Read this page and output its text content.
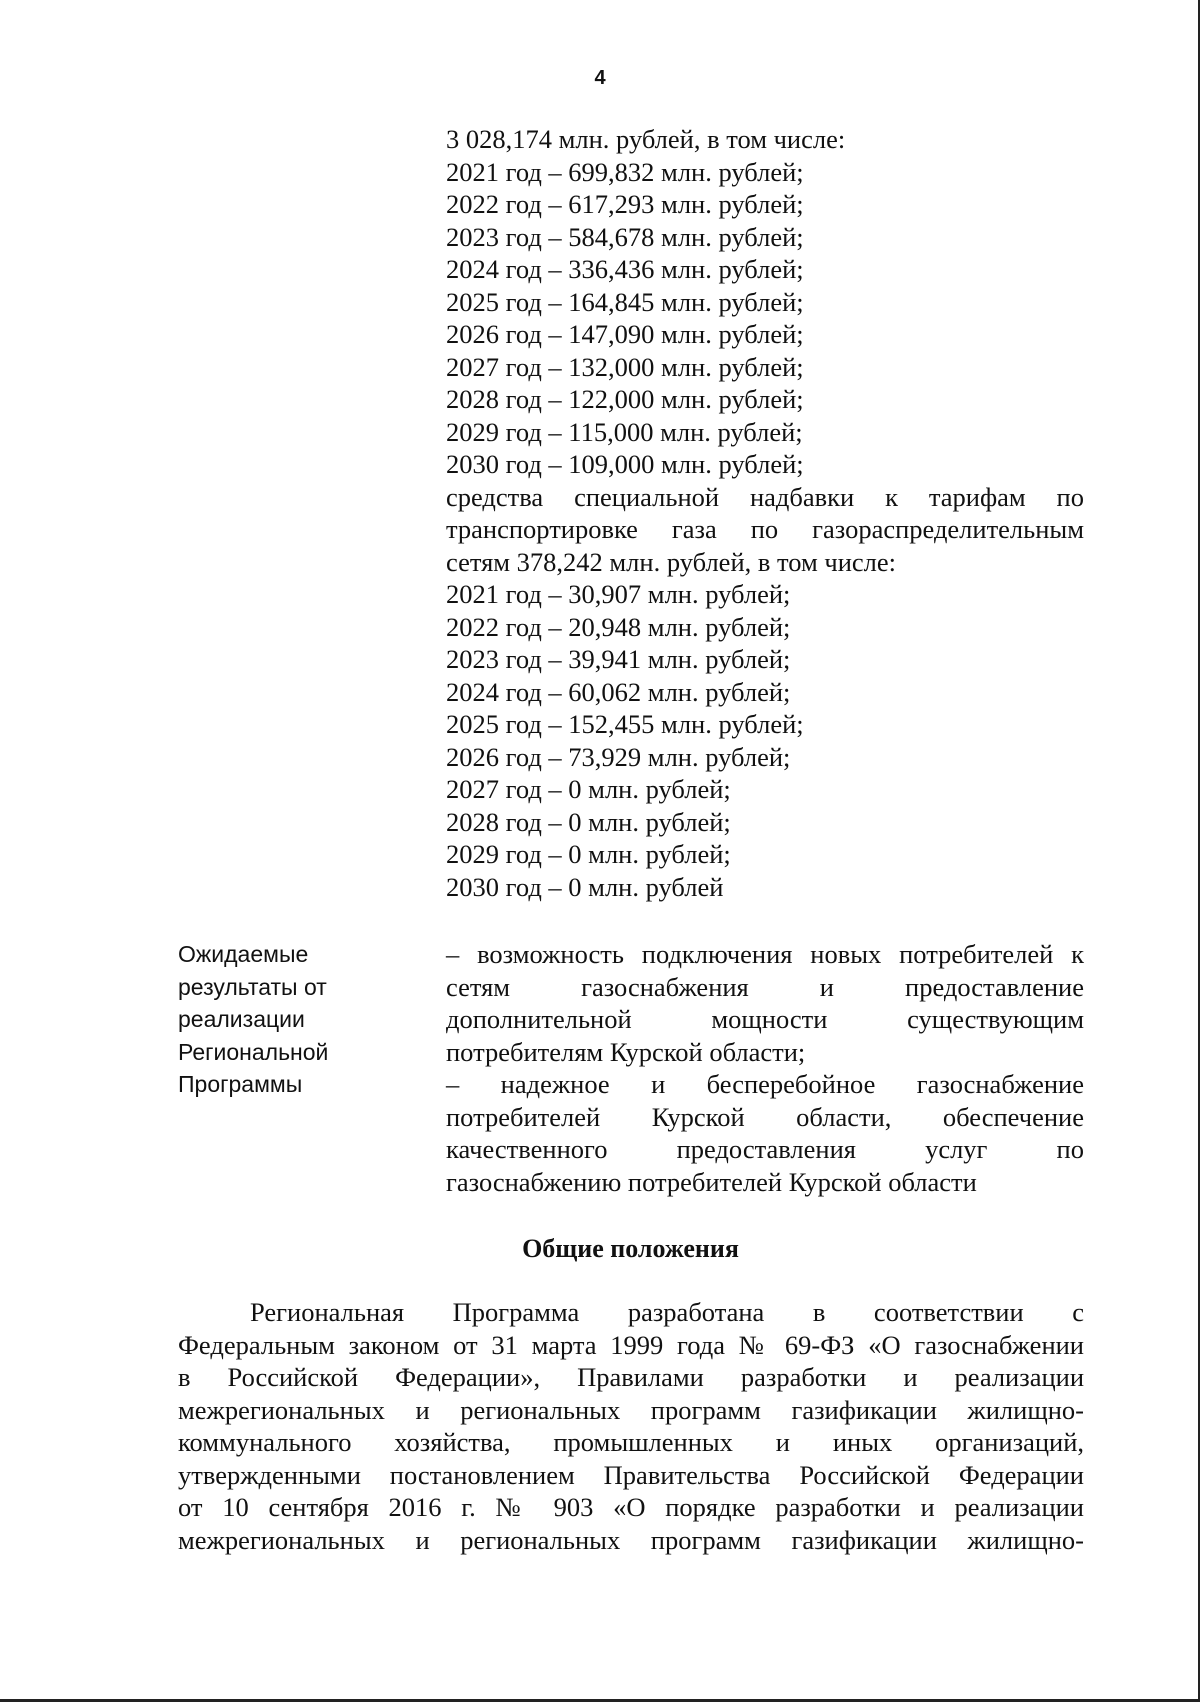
4
3 028,174 млн. рублей, в том числе:
2021 год – 699,832 млн. рублей;
2022 год – 617,293 млн. рублей;
2023 год – 584,678 млн. рублей;
2024 год – 336,436 млн. рублей;
2025 год – 164,845 млн. рублей;
2026 год – 147,090 млн. рублей;
2027 год – 132,000 млн. рублей;
2028 год – 122,000 млн. рублей;
2029 год – 115,000 млн. рублей;
2030 год – 109,000 млн. рублей;
средства специальной надбавки к тарифам по
транспортировке газа по газораспределительным
сетям 378,242 млн. рублей, в том числе:
2021 год – 30,907 млн. рублей;
2022 год – 20,948 млн. рублей;
2023 год – 39,941 млн. рублей;
2024 год – 60,062 млн. рублей;
2025 год – 152,455 млн. рублей;
2026 год – 73,929 млн. рублей;
2027 год – 0 млн. рублей;
2028 год – 0 млн. рублей;
2029 год – 0 млн. рублей;
2030 год – 0 млн. рублей
Ожидаемые
результаты от
реализации
Региональной
Программы
– возможность подключения новых потребителей к
сетям газоснабжения и предоставление
дополнительной мощности существующим
потребителям Курской области;
– надежное и бесперебойное газоснабжение
потребителей Курской области, обеспечение
качественного предоставления услуг по
газоснабжению потребителей Курской области
Общие положения
Региональная Программа разработана в соответствии с
Федеральным законом от 31 марта 1999 года № 69-ФЗ «О газоснабжении
в Российской Федерации», Правилами разработки и реализации
межрегиональных и региональных программ газификации жилищно-
коммунального хозяйства, промышленных и иных организаций,
утвержденными постановлением Правительства Российской Федерации
от 10 сентября 2016 г. № 903 «О порядке разработки и реализации
межрегиональных и региональных программ газификации жилищно-
